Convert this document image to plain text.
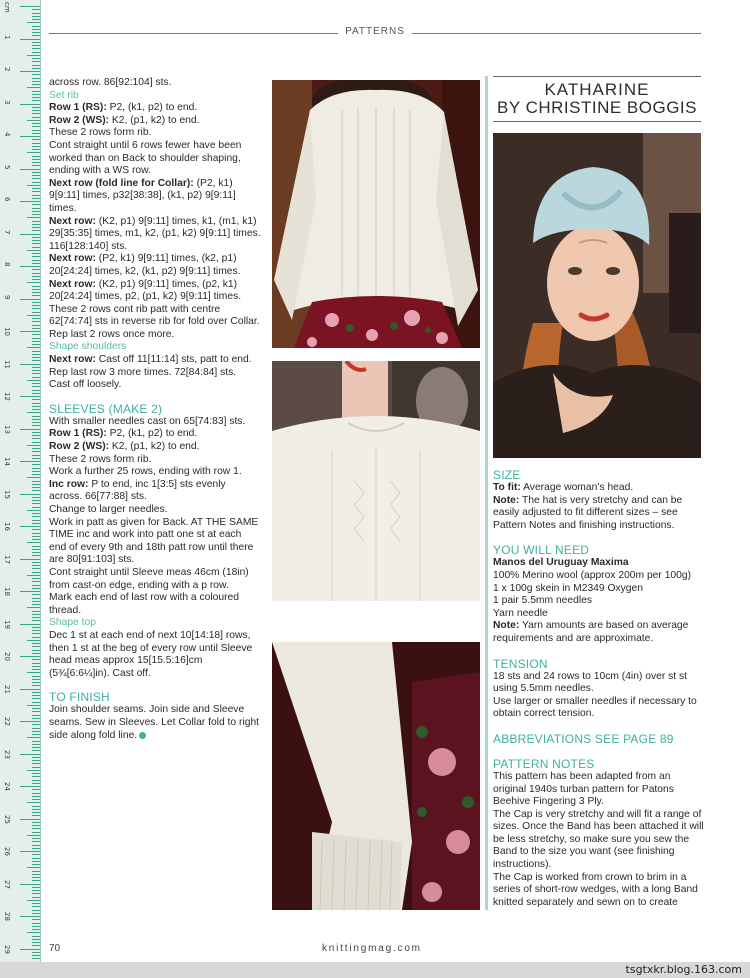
cm
1
2
3
4
5
6
7
8
9
10
11
12
13
14
15
16
17
18
19
20
21
22
23
24
25
26
27
28
29
PATTERNS

across row. 86[92:104] sts.

Set rib

Row 1 (RS): P2, (k1, p2) to end.

Row 2 (WS): K2, (p1, k2) to end.

These 2 rows form rib.

Cont straight until 6 rows fewer have been worked than on Back to shoulder shaping, ending with a WS row.

Next row (fold line for Collar): (P2, k1) 9[9:11] times, p32[38:38], (k1, p2) 9[9:11] times.

Next row: (K2, p1) 9[9:11] times, k1, (m1, k1) 29[35:35] times, m1, k2, (p1, k2) 9[9:11] times. 116[128:140] sts.

Next row: (P2, k1) 9[9:11] times, (k2, p1) 20[24:24] times, k2, (k1, p2) 9[9:11] times.

Next row: (K2, p1) 9[9:11] times, (p2, k1) 20[24:24] times, p2, (p1, k2) 9[9:11] times.

These 2 rows cont rib patt with centre 62[74:74] sts in reverse rib for fold over Collar.

Rep last 2 rows once more.

Shape shoulders

Next row: Cast off 11[11:14] sts, patt to end.

Rep last row 3 more times. 72[84:84] sts.

Cast off loosely.

SLEEVES (MAKE 2)

With smaller needles cast on 65[74:83] sts.

Row 1 (RS): P2, (k1, p2) to end.

Row 2 (WS): K2, (p1, k2) to end.

These 2 rows form rib.

Work a further 25 rows, ending with row 1.

Inc row: P to end, inc 1[3:5] sts evenly across. 66[77:88] sts.

Change to larger needles.

Work in patt as given for Back. AT THE SAME TIME inc and work into patt one st at each end of every 9th and 18th patt row until there are 80[91:103] sts.

Cont straight until Sleeve meas 46cm (18in) from cast-on edge, ending with a p row.

Mark each end of last row with a coloured thread.

Shape top

Dec 1 st at each end of next 10[14:18] rows, then 1 st at the beg of every row until Sleeve head meas approx 15[15.5:16]cm (5¾[6:6¼]in). Cast off.

TO FINISH

Join shoulder seams. Join side and Sleeve seams. Sew in Sleeves. Let Collar fold to right side along fold line.

KATHARINE
BY CHRISTINE BOGGIS

SIZE

To fit: Average woman’s head.

Note: The hat is very stretchy and can be easily adjusted to fit different sizes – see Pattern Notes and finishing instructions.

YOU WILL NEED

Manos del Uruguay Maxima

100% Merino wool (approx 200m per 100g)

1 x 100g skein in M2349 Oxygen

1 pair 5.5mm needles

Yarn needle

Note: Yarn amounts are based on average requirements and are approximate.

TENSION

18 sts and 24 rows to 10cm (4in) over st st using 5.5mm needles.

Use larger or smaller needles if necessary to obtain correct tension.

ABBREVIATIONS SEE PAGE 89

PATTERN NOTES

This pattern has been adapted from an original 1940s turban pattern for Patons Beehive Fingering 3 Ply.

The Cap is very stretchy and will fit a range of sizes. Once the Band has been attached it will be less stretchy, so make sure you sew the Band to the size you want (see finishing instructions).

The Cap is worked from crown to brim in a series of short-row wedges, with a long Band knitted separately and sewn on to create

70	knittingmag.com
tsgtxkr.blog.163.com
